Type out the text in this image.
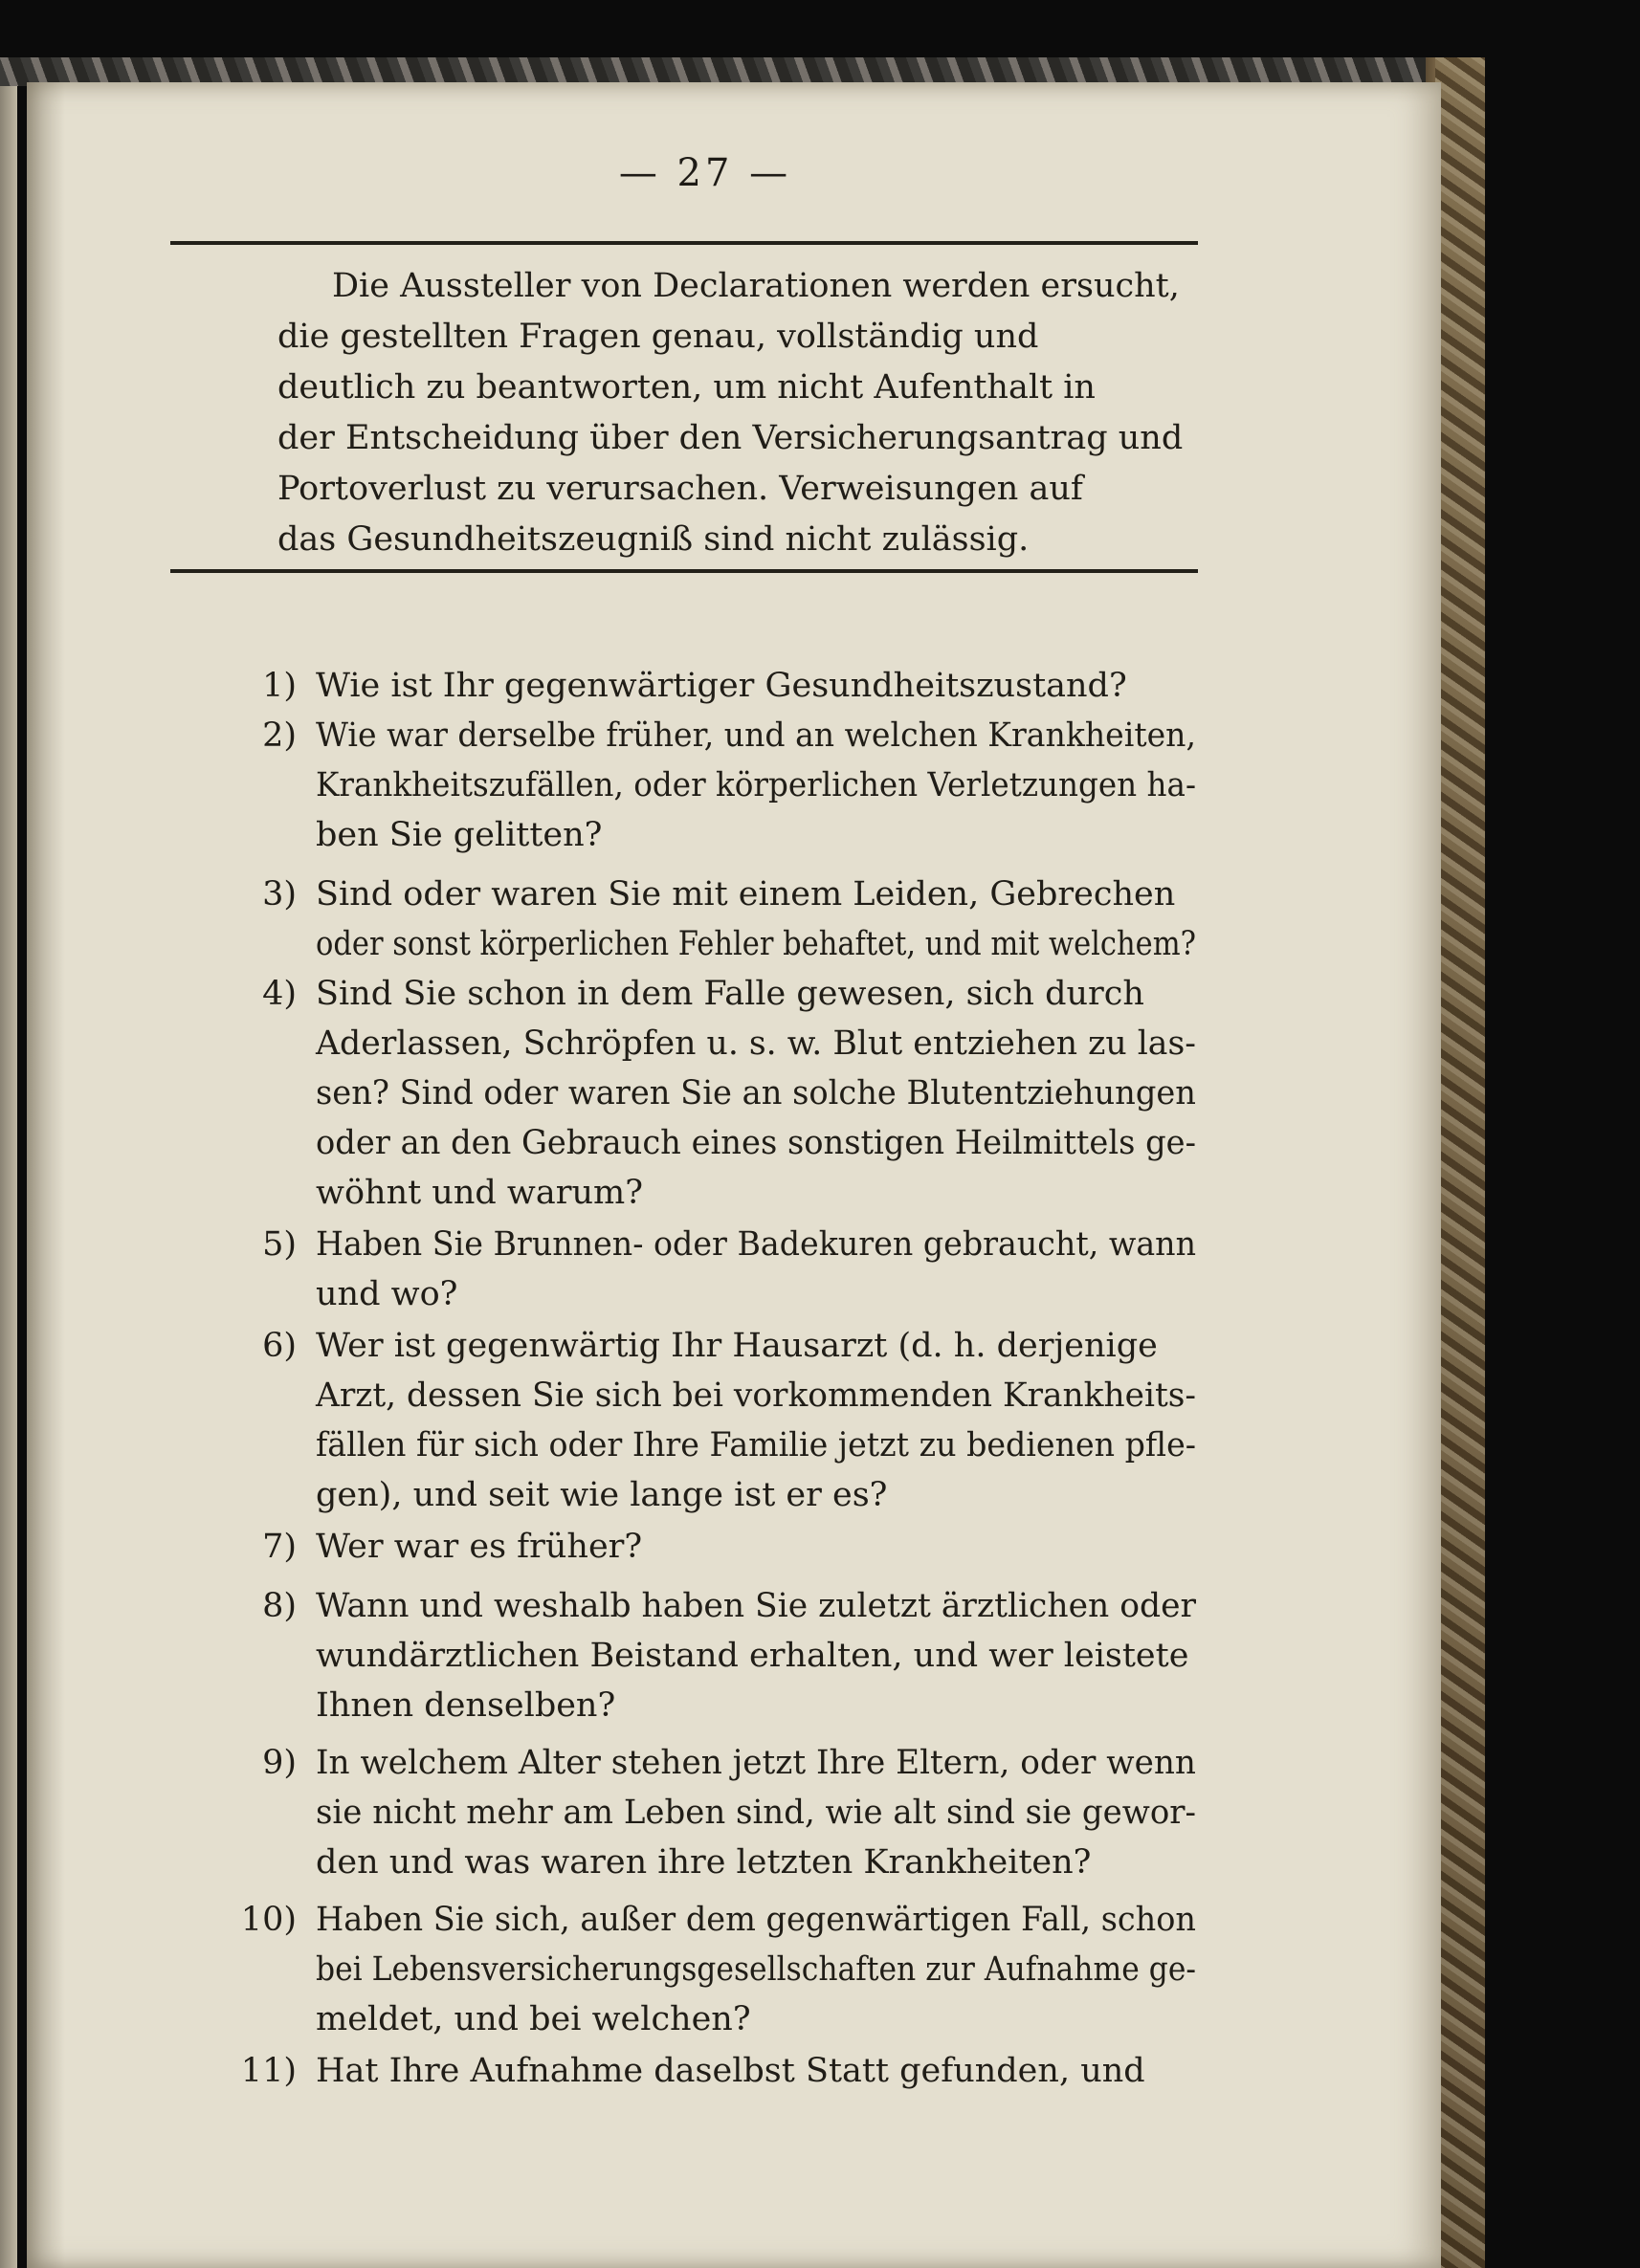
— 27 —
Die Aussteller von Declarationen werden ersucht,
die gestellten Fragen genau, vollständig und
deutlich zu beantworten, um nicht Aufenthalt in
der Entscheidung über den Versicherungsantrag und
Portoverlust zu verursachen. Verweisungen auf
das Gesundheitszeugniß sind nicht zulässig.
1) Wie ist Ihr gegenwärtiger Gesundheitszustand?
2) Wie war derselbe früher, und an welchen Krankheiten,
Krankheitszufällen, oder körperlichen Verletzungen ha-
ben Sie gelitten?
3) Sind oder waren Sie mit einem Leiden, Gebrechen
oder sonst körperlichen Fehler behaftet, und mit welchem?
4) Sind Sie schon in dem Falle gewesen, sich durch
Aderlassen, Schröpfen u. s. w. Blut entziehen zu las-
sen? Sind oder waren Sie an solche Blutentziehungen
oder an den Gebrauch eines sonstigen Heilmittels ge-
wöhnt und warum?
5) Haben Sie Brunnen- oder Badekuren gebraucht, wann
und wo?
6) Wer ist gegenwärtig Ihr Hausarzt (d. h. derjenige
Arzt, dessen Sie sich bei vorkommenden Krankheits-
fällen für sich oder Ihre Familie jetzt zu bedienen pfle-
gen), und seit wie lange ist er es?
7) Wer war es früher?
8) Wann und weshalb haben Sie zuletzt ärztlichen oder
wundärztlichen Beistand erhalten, und wer leistete
Ihnen denselben?
9) In welchem Alter stehen jetzt Ihre Eltern, oder wenn
sie nicht mehr am Leben sind, wie alt sind sie gewor-
den und was waren ihre letzten Krankheiten?
10) Haben Sie sich, außer dem gegenwärtigen Fall, schon
bei Lebensversicherungsgesellschaften zur Aufnahme ge-
meldet, und bei welchen?
11) Hat Ihre Aufnahme daselbst Statt gefunden, und
